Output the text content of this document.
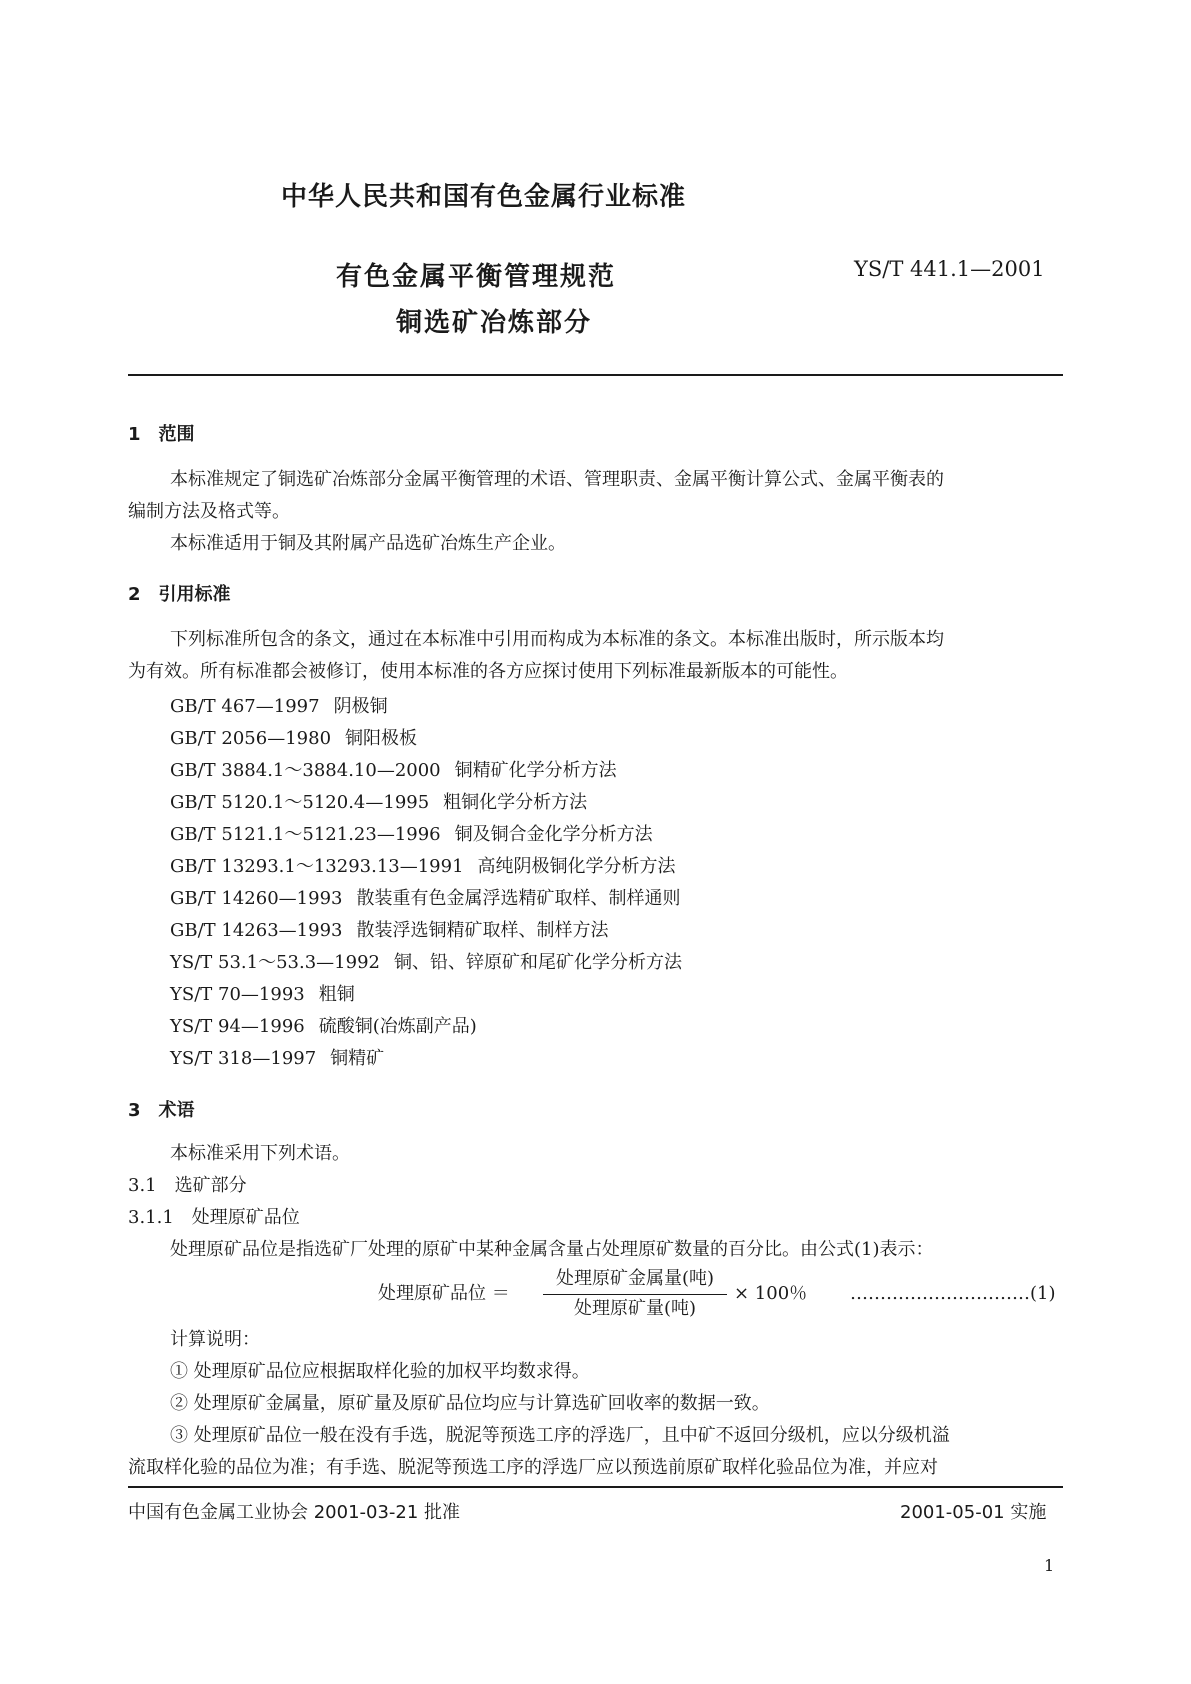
中华人民共和国有色金属行业标准
有色金属平衡管理规范
铜选矿冶炼部分
YS/T 441.1—2001
1　范围
本标准规定了铜选矿冶炼部分金属平衡管理的术语、管理职责、金属平衡计算公式、金属平衡表的
编制方法及格式等。
本标准适用于铜及其附属产品选矿冶炼生产企业。
2　引用标准
下列标准所包含的条文，通过在本标准中引用而构成为本标准的条文。本标准出版时，所示版本均
为有效。所有标准都会被修订，使用本标准的各方应探讨使用下列标准最新版本的可能性。
GB/T 467—1997 阴极铜
GB/T 2056—1980 铜阳极板
GB/T 3884.1～3884.10—2000 铜精矿化学分析方法
GB/T 5120.1～5120.4—1995 粗铜化学分析方法
GB/T 5121.1～5121.23—1996 铜及铜合金化学分析方法
GB/T 13293.1～13293.13—1991 高纯阴极铜化学分析方法
GB/T 14260—1993 散装重有色金属浮选精矿取样、制样通则
GB/T 14263—1993 散装浮选铜精矿取样、制样方法
YS/T 53.1～53.3—1992 铜、铅、锌原矿和尾矿化学分析方法
YS/T 70—1993 粗铜
YS/T 94—1996 硫酸铜(冶炼副产品)
YS/T 318—1997 铜精矿
3　术语
本标准采用下列术语。
3.1　选矿部分
3.1.1　处理原矿品位
处理原矿品位是指选矿厂处理的原矿中某种金属含量占处理原矿数量的百分比。由公式(1)表示：
处理原矿品位 ＝
处理原矿金属量(吨)
处理原矿量(吨)
× 100％ …………………………(1)
计算说明：
① 处理原矿品位应根据取样化验的加权平均数求得。
② 处理原矿金属量，原矿量及原矿品位均应与计算选矿回收率的数据一致。
③ 处理原矿品位一般在没有手选，脱泥等预选工序的浮选厂，且中矿不返回分级机，应以分级机溢
流取样化验的品位为准；有手选、脱泥等预选工序的浮选厂应以预选前原矿取样化验品位为准，并应对
中国有色金属工业协会 2001-03-21 批准	2001-05-01 实施
1
